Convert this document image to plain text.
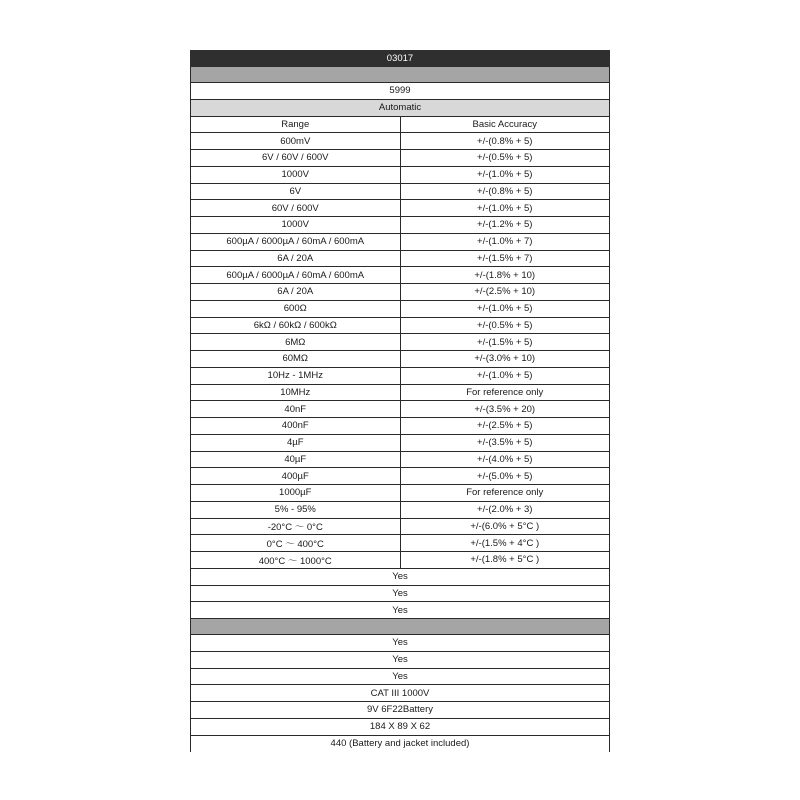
03017
5999
Automatic
Range	Basic Accuracy
600mV	+/-(0.8% + 5)
6V / 60V / 600V	+/-(0.5% + 5)
1000V	+/-(1.0% + 5)
6V	+/-(0.8% + 5)
60V / 600V	+/-(1.0% + 5)
1000V	+/-(1.2% + 5)
600µA / 6000µA / 60mA / 600mA	+/-(1.0% + 7)
6A / 20A	+/-(1.5% + 7)
600µA / 6000µA / 60mA / 600mA	+/-(1.8% + 10)
6A / 20A	+/-(2.5% + 10)
600Ω	+/-(1.0% + 5)
6kΩ / 60kΩ / 600kΩ	+/-(0.5% + 5)
6MΩ	+/-(1.5% + 5)
60MΩ	+/-(3.0% + 10)
10Hz - 1MHz	+/-(1.0% + 5)
10MHz	For reference only
40nF	+/-(3.5% + 20)
400nF	+/-(2.5% + 5)
4µF	+/-(3.5% + 5)
40µF	+/-(4.0% + 5)
400µF	+/-(5.0% + 5)
1000µF	For reference only
5% - 95%	+/-(2.0% + 3)
-20°C ～ 0°C	+/-(6.0% + 5°C )
0°C ～ 400°C	+/-(1.5% + 4°C )
400°C ～ 1000°C	+/-(1.8% + 5°C )
Yes
Yes
Yes
Yes
Yes
Yes
CAT III 1000V
9V 6F22Battery
184 X 89 X 62
440 (Battery and jacket included)
